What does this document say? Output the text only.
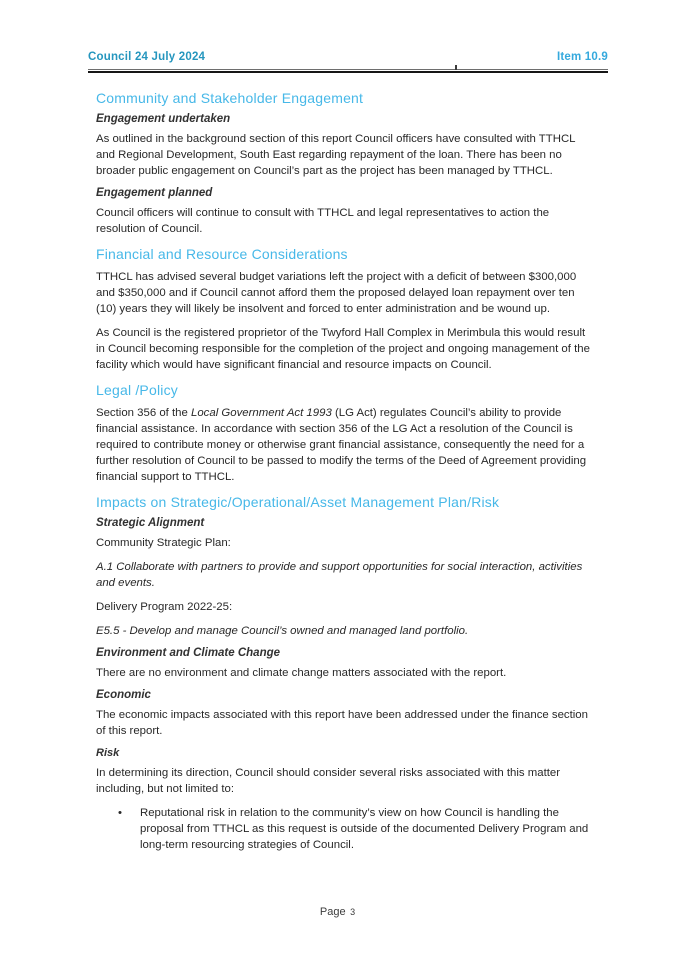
Council 24 July 2024	Item 10.9
Community and Stakeholder Engagement
Engagement undertaken

As outlined in the background section of this report Council officers have consulted with TTHCL and Regional Development, South East regarding repayment of the loan. There has been no broader public engagement on Council’s part as the project has been managed by TTHCL.

Engagement planned

Council officers will continue to consult with TTHCL and legal representatives to action the resolution of Council.

Financial and Resource Considerations

TTHCL has advised several budget variations left the project with a deficit of between $300,000 and $350,000 and if Council cannot afford them the proposed delayed loan repayment over ten (10) years they will likely be insolvent and forced to enter administration and be wound up.

As Council is the registered proprietor of the Twyford Hall Complex in Merimbula this would result in Council becoming responsible for the completion of the project and ongoing management of the facility which would have significant financial and resource impacts on Council.

Legal /Policy

Section 356 of the Local Government Act 1993 (LG Act) regulates Council’s ability to provide financial assistance. In accordance with section 356 of the LG Act a resolution of the Council is required to contribute money or otherwise grant financial assistance, consequently the need for a further resolution of Council to be passed to modify the terms of the Deed of Agreement providing financial support to TTHCL.

Impacts on Strategic/Operational/Asset Management Plan/Risk
Strategic Alignment

Community Strategic Plan:

A.1 Collaborate with partners to provide and support opportunities for social interaction, activities and events.

Delivery Program 2022-25:

E5.5 - Develop and manage Council’s owned and managed land portfolio.

Environment and Climate Change

There are no environment and climate change matters associated with the report.

Economic

The economic impacts associated with this report have been addressed under the finance section of this report.

Risk

In determining its direction, Council should consider several risks associated with this matter including, but not limited to:

•	Reputational risk in relation to the community’s view on how Council is handling the proposal from TTHCL as this request is outside of the documented Delivery Program and long-term resourcing strategies of Council.
Page 3
